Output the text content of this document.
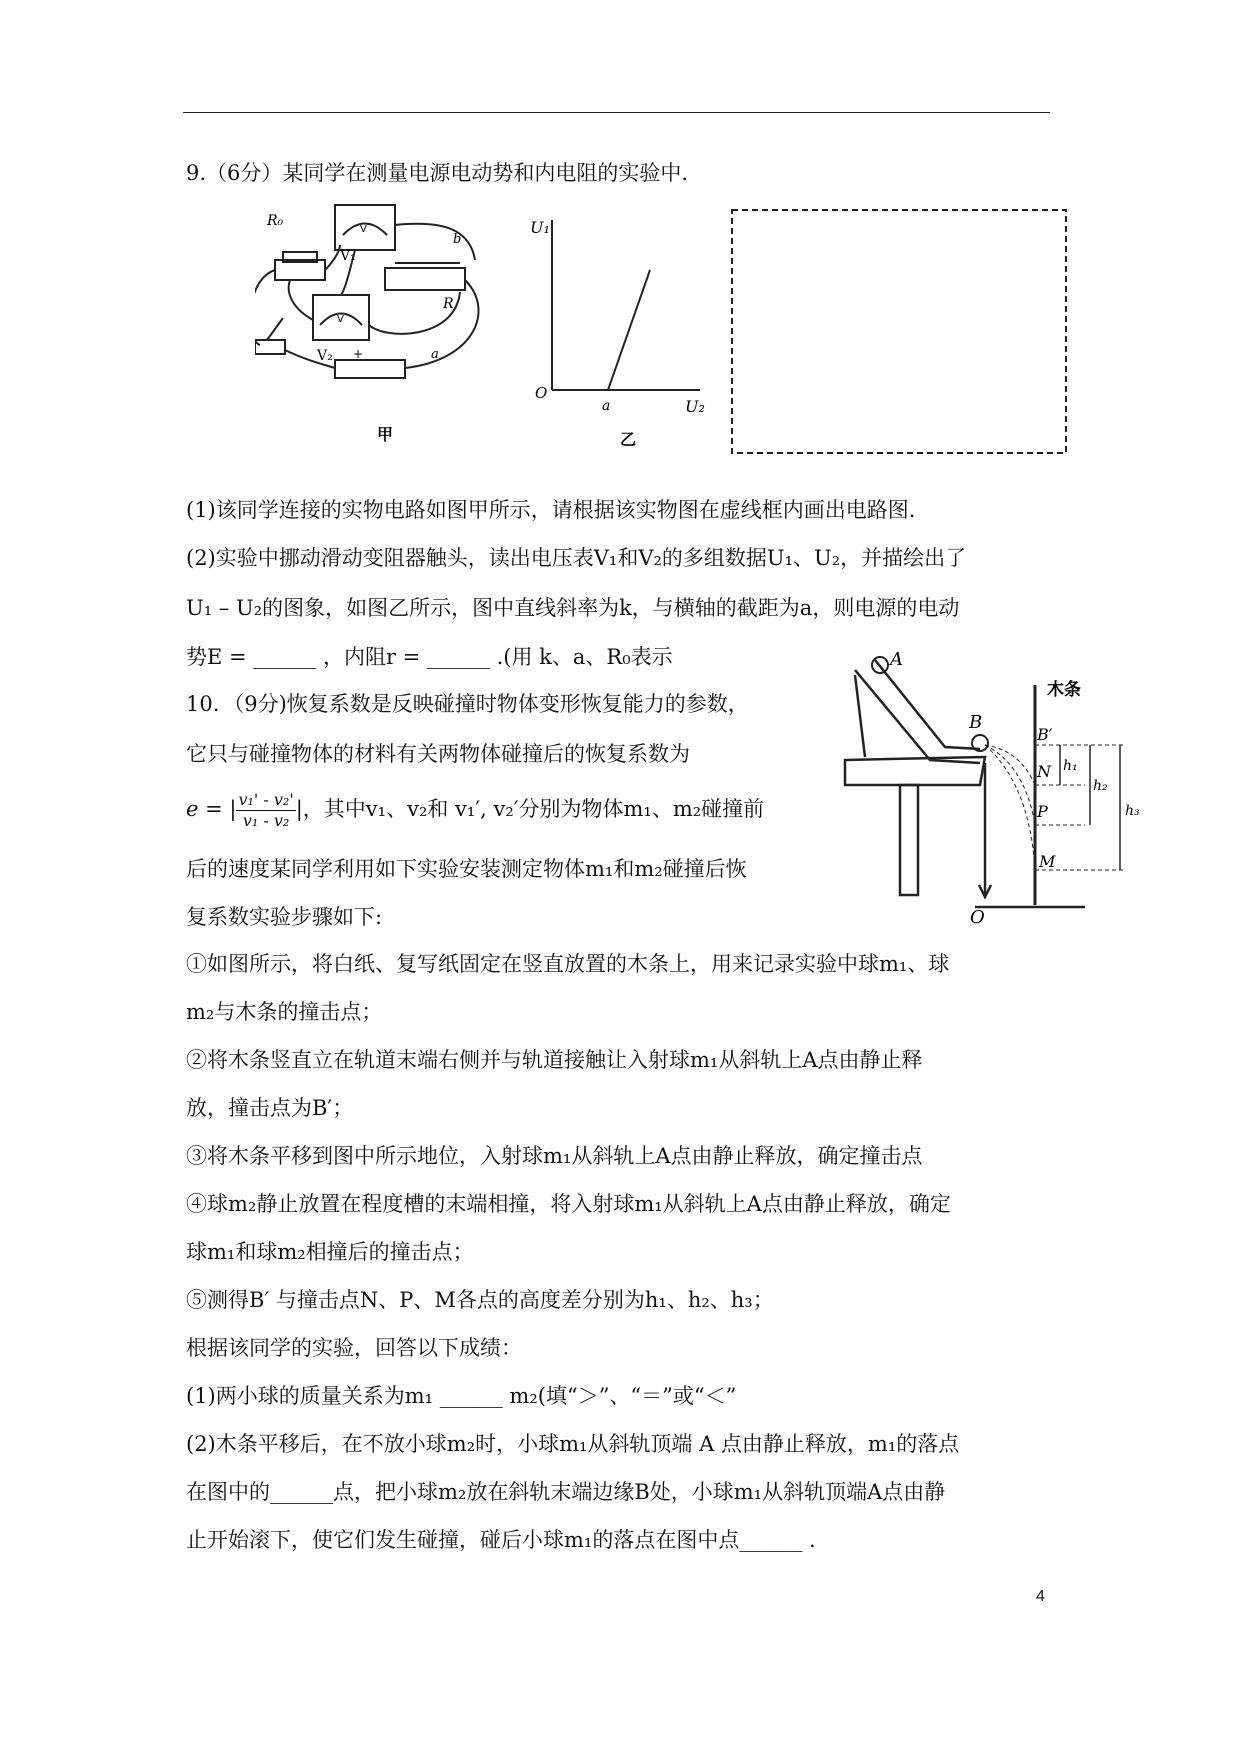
9.（6分）某同学在测量电源电动势和内电阻的实验中.
R₀
V₁
V₂
b
R
a
V
V
+
甲
U₁
U₂
O
a
乙
(1)该同学连接的实物电路如图甲所示，请根据该实物图在虚线框内画出电路图.
(2)实验中挪动滑动变阻器触头，读出电压表V₁和V₂的多组数据U₁、U₂，并描绘出了
U₁ – U₂的图象，如图乙所示，图中直线斜率为k，与横轴的截距为a，则电源的电动
势E = ______ ，内阻r = ______ .(用 k、a、R₀表示
10．（9分)恢复系数是反映碰撞时物体变形恢复能力的参数，
它只与碰撞物体的材料有关两物体碰撞后的恢复系数为
e = | $\frac{\text{v₁' - v₂'}}{\text{v₁ - v₂}}$ |，其中v₁、v₂和 v₁′, v₂′分别为物体m₁、m₂碰撞前
后的速度某同学利用如下实验安装测定物体m₁和m₂碰撞后恢
复系数实验步骤如下:
A
B
B′
N
P
M
O
h₁
h₂
h₃
木条
①如图所示，将白纸、复写纸固定在竖直放置的木条上，用来记录实验中球m₁、球
m₂与木条的撞击点；
②将木条竖直立在轨道末端右侧并与轨道接触让入射球m₁从斜轨上A点由静止释
放，撞击点为B′；
③将木条平移到图中所示地位，入射球m₁从斜轨上A点由静止释放，确定撞击点
④球m₂静止放置在程度槽的末端相撞，将入射球m₁从斜轨上A点由静止释放，确定
球m₁和球m₂相撞后的撞击点；
⑤测得B′ 与撞击点N、P、M各点的高度差分别为h₁、h₂、h₃；
根据该同学的实验，回答以下成绩：
(1)两小球的质量关系为m₁ ______ m₂(填“＞”、“＝”或“＜”
(2)木条平移后，在不放小球m₂时，小球m₁从斜轨顶端 A 点由静止释放，m₁的落点
在图中的______点，把小球m₂放在斜轨末端边缘B处，小球m₁从斜轨顶端A点由静
止开始滚下，使它们发生碰撞，碰后小球m₁的落点在图中点______ .
4
